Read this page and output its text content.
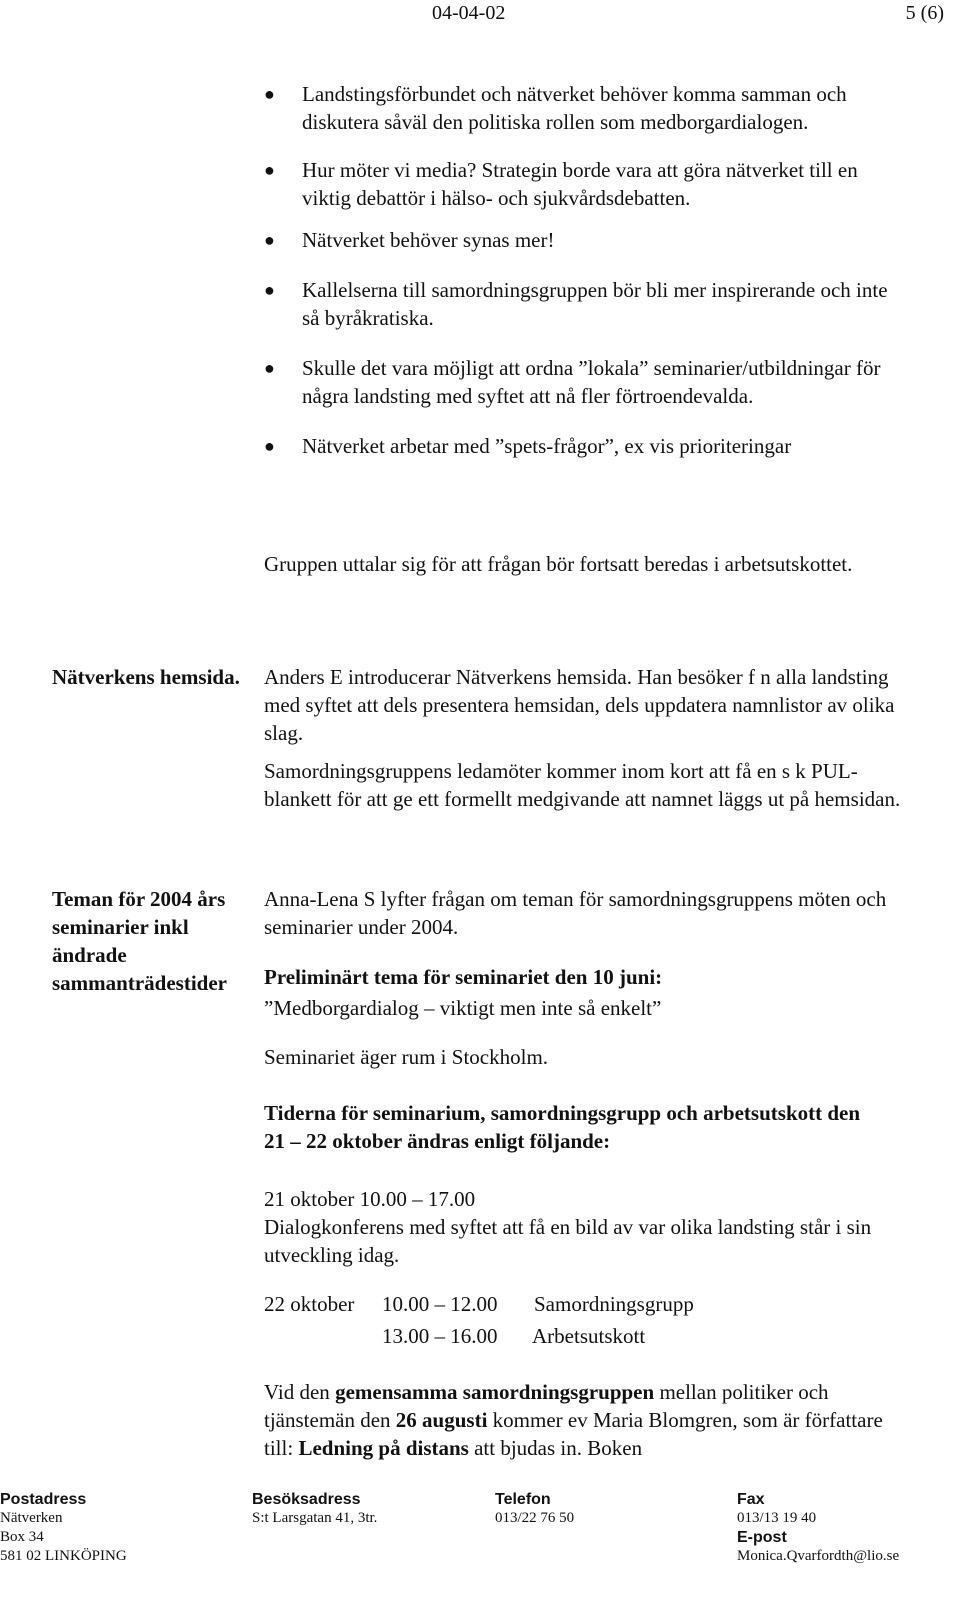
04-04-02	5 (6)
● Landstingsförbundet och nätverket behöver komma samman och diskutera såväl den politiska rollen som medborgardialogen.
● Hur möter vi media? Strategin borde vara att göra nätverket till en viktig debattör i hälso- och sjukvårdsdebatten.
● Nätverket behöver synas mer!
● Kallelserna till samordningsgruppen bör bli mer inspirerande och inte så byråkratiska.
● Skulle det vara möjligt att ordna ”lokala” seminarier/utbildningar för några landsting med syftet att nå fler förtroendevalda.
● Nätverket arbetar med ”spets-frågor”, ex vis prioriteringar
Gruppen uttalar sig för att frågan bör fortsatt beredas i arbetsutskottet.
Nätverkens hemsida.	Anders E introducerar Nätverkens hemsida. Han besöker f n alla landsting med syftet att dels presentera hemsidan, dels uppdatera namnlistor av olika slag.
Samordningsgruppens ledamöter kommer inom kort att få en s k PUL-blankett för att ge ett formellt medgivande att namnet läggs ut på hemsidan.
Teman för 2004 års seminarier inkl ändrade sammanträdestider
Anna-Lena S lyfter frågan om teman för samordningsgruppens möten och seminarier under 2004.
Preliminärt tema för seminariet den 10 juni:
”Medborgardialog – viktigt men inte så enkelt”
Seminariet äger rum i Stockholm.
Tiderna för seminarium, samordningsgrupp och arbetsutskott den 21 – 22 oktober ändras enligt följande:
21 oktober 10.00 – 17.00
Dialogkonferens med syftet att få en bild av var olika landsting står i sin utveckling idag.
22 oktober	10.00 – 12.00	Samordningsgrupp
13.00 – 16.00	Arbetsutskott
Vid den gemensamma samordningsgruppen mellan politiker och tjänstemän den 26 augusti kommer ev Maria Blomgren, som är författare till: Ledning på distans att bjudas in. Boken
Postadress
Nätverken
Box 34
581 02 LINKÖPING
Besöksadress
S:t Larsgatan 41, 3tr.
Telefon
013/22 76 50
Fax
013/13 19 40
E-post
Monica.Qvarfordth@lio.se
